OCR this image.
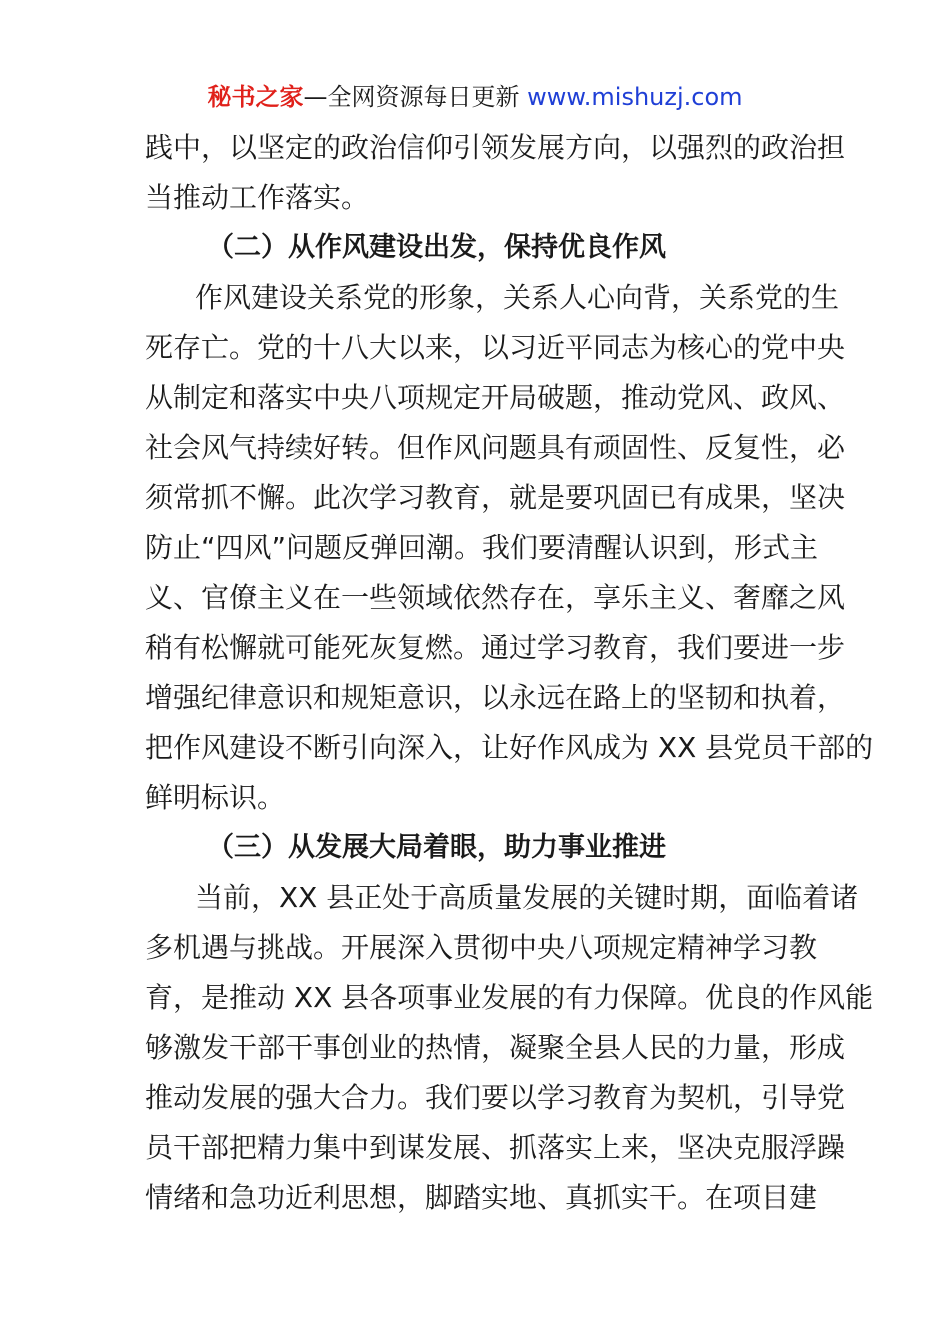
秘书之家—全网资源每日更新 www.mishuzj.com
践中，以坚定的政治信仰引领发展方向，以强烈的政治担
当推动工作落实。
（二）从作风建设出发，保持优良作风
作风建设关系党的形象，关系人心向背，关系党的生
死存亡。党的十八大以来，以习近平同志为核心的党中央
从制定和落实中央八项规定开局破题，推动党风、政风、
社会风气持续好转。但作风问题具有顽固性、反复性，必
须常抓不懈。此次学习教育，就是要巩固已有成果，坚决
防止“四风”问题反弹回潮。我们要清醒认识到，形式主
义、官僚主义在一些领域依然存在，享乐主义、奢靡之风
稍有松懈就可能死灰复燃。通过学习教育，我们要进一步
增强纪律意识和规矩意识，以永远在路上的坚韧和执着，
把作风建设不断引向深入，让好作风成为 XX 县党员干部的
鲜明标识。
（三）从发展大局着眼，助力事业推进
当前，XX 县正处于高质量发展的关键时期，面临着诸
多机遇与挑战。开展深入贯彻中央八项规定精神学习教
育，是推动 XX 县各项事业发展的有力保障。优良的作风能
够激发干部干事创业的热情，凝聚全县人民的力量，形成
推动发展的强大合力。我们要以学习教育为契机，引导党
员干部把精力集中到谋发展、抓落实上来，坚决克服浮躁
情绪和急功近利思想，脚踏实地、真抓实干。在项目建
